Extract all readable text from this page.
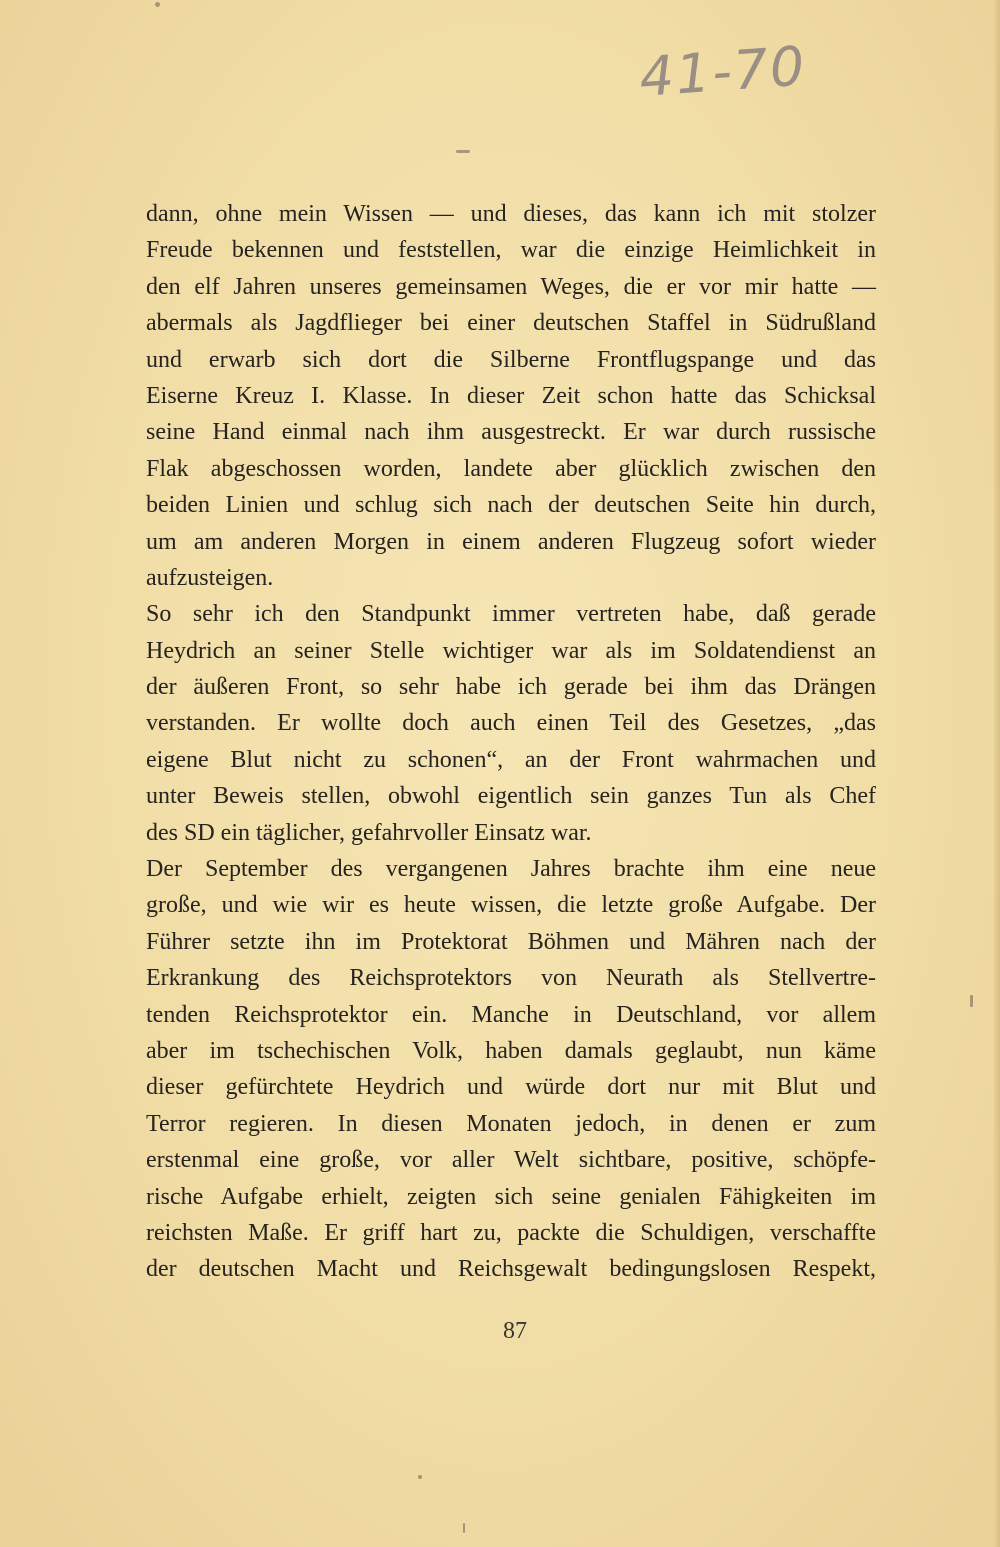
41-70
dann, ohne mein Wissen — und dieses, das kann ich mit stolzer
Freude bekennen und feststellen, war die einzige Heimlichkeit in
den elf Jahren unseres gemeinsamen Weges, die er vor mir hatte —
abermals als Jagdflieger bei einer deutschen Staffel in Südrußland
und erwarb sich dort die Silberne Frontflugspange und das
Eiserne Kreuz I. Klasse. In dieser Zeit schon hatte das Schicksal
seine Hand einmal nach ihm ausgestreckt. Er war durch russische
Flak abgeschossen worden, landete aber glücklich zwischen den
beiden Linien und schlug sich nach der deutschen Seite hin durch,
um am anderen Morgen in einem anderen Flugzeug sofort wieder
aufzusteigen.
So sehr ich den Standpunkt immer vertreten habe, daß gerade
Heydrich an seiner Stelle wichtiger war als im Soldatendienst an
der äußeren Front, so sehr habe ich gerade bei ihm das Drängen
verstanden. Er wollte doch auch einen Teil des Gesetzes, „das
eigene Blut nicht zu schonen“, an der Front wahrmachen und
unter Beweis stellen, obwohl eigentlich sein ganzes Tun als Chef
des SD ein täglicher, gefahrvoller Einsatz war.
Der September des vergangenen Jahres brachte ihm eine neue
große, und wie wir es heute wissen, die letzte große Aufgabe. Der
Führer setzte ihn im Protektorat Böhmen und Mähren nach der
Erkrankung des Reichsprotektors von Neurath als Stellvertre-
tenden Reichsprotektor ein. Manche in Deutschland, vor allem
aber im tschechischen Volk, haben damals geglaubt, nun käme
dieser gefürchtete Heydrich und würde dort nur mit Blut und
Terror regieren. In diesen Monaten jedoch, in denen er zum
erstenmal eine große, vor aller Welt sichtbare, positive, schöpfe-
rische Aufgabe erhielt, zeigten sich seine genialen Fähigkeiten im
reichsten Maße. Er griff hart zu, packte die Schuldigen, verschaffte
der deutschen Macht und Reichsgewalt bedingungslosen Respekt,
87
